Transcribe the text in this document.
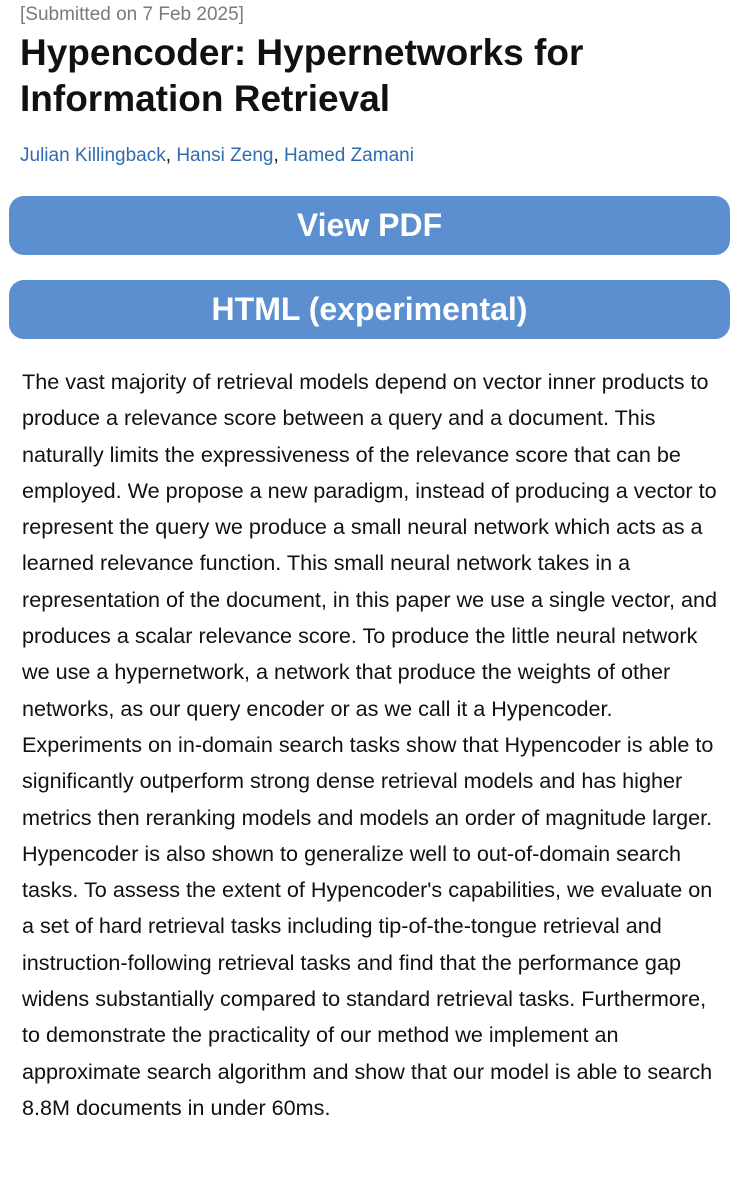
[Submitted on 7 Feb 2025]
Hypencoder: Hypernetworks for Information Retrieval
Julian Killingback, Hansi Zeng, Hamed Zamani
View PDF
HTML (experimental)

The vast majority of retrieval models depend on vector inner products to produce a relevance score between a query and a document. This naturally limits the expressiveness of the relevance score that can be employed. We propose a new paradigm, instead of producing a vector to represent the query we produce a small neural network which acts as a learned relevance function. This small neural network takes in a representation of the document, in this paper we use a single vector, and produces a scalar relevance score. To produce the little neural network we use a hypernetwork, a network that produce the weights of other networks, as our query encoder or as we call it a Hypencoder. Experiments on in-domain search tasks show that Hypencoder is able to significantly outperform strong dense retrieval models and has higher metrics then reranking models and models an order of magnitude larger. Hypencoder is also shown to generalize well to out-of-domain search tasks. To assess the extent of Hypencoder's capabilities, we evaluate on a set of hard retrieval tasks including tip-of-the-tongue retrieval and instruction-following retrieval tasks and find that the performance gap widens substantially compared to standard retrieval tasks. Furthermore, to demonstrate the practicality of our method we implement an approximate search algorithm and show that our model is able to search 8.8M documents in under 60ms.
